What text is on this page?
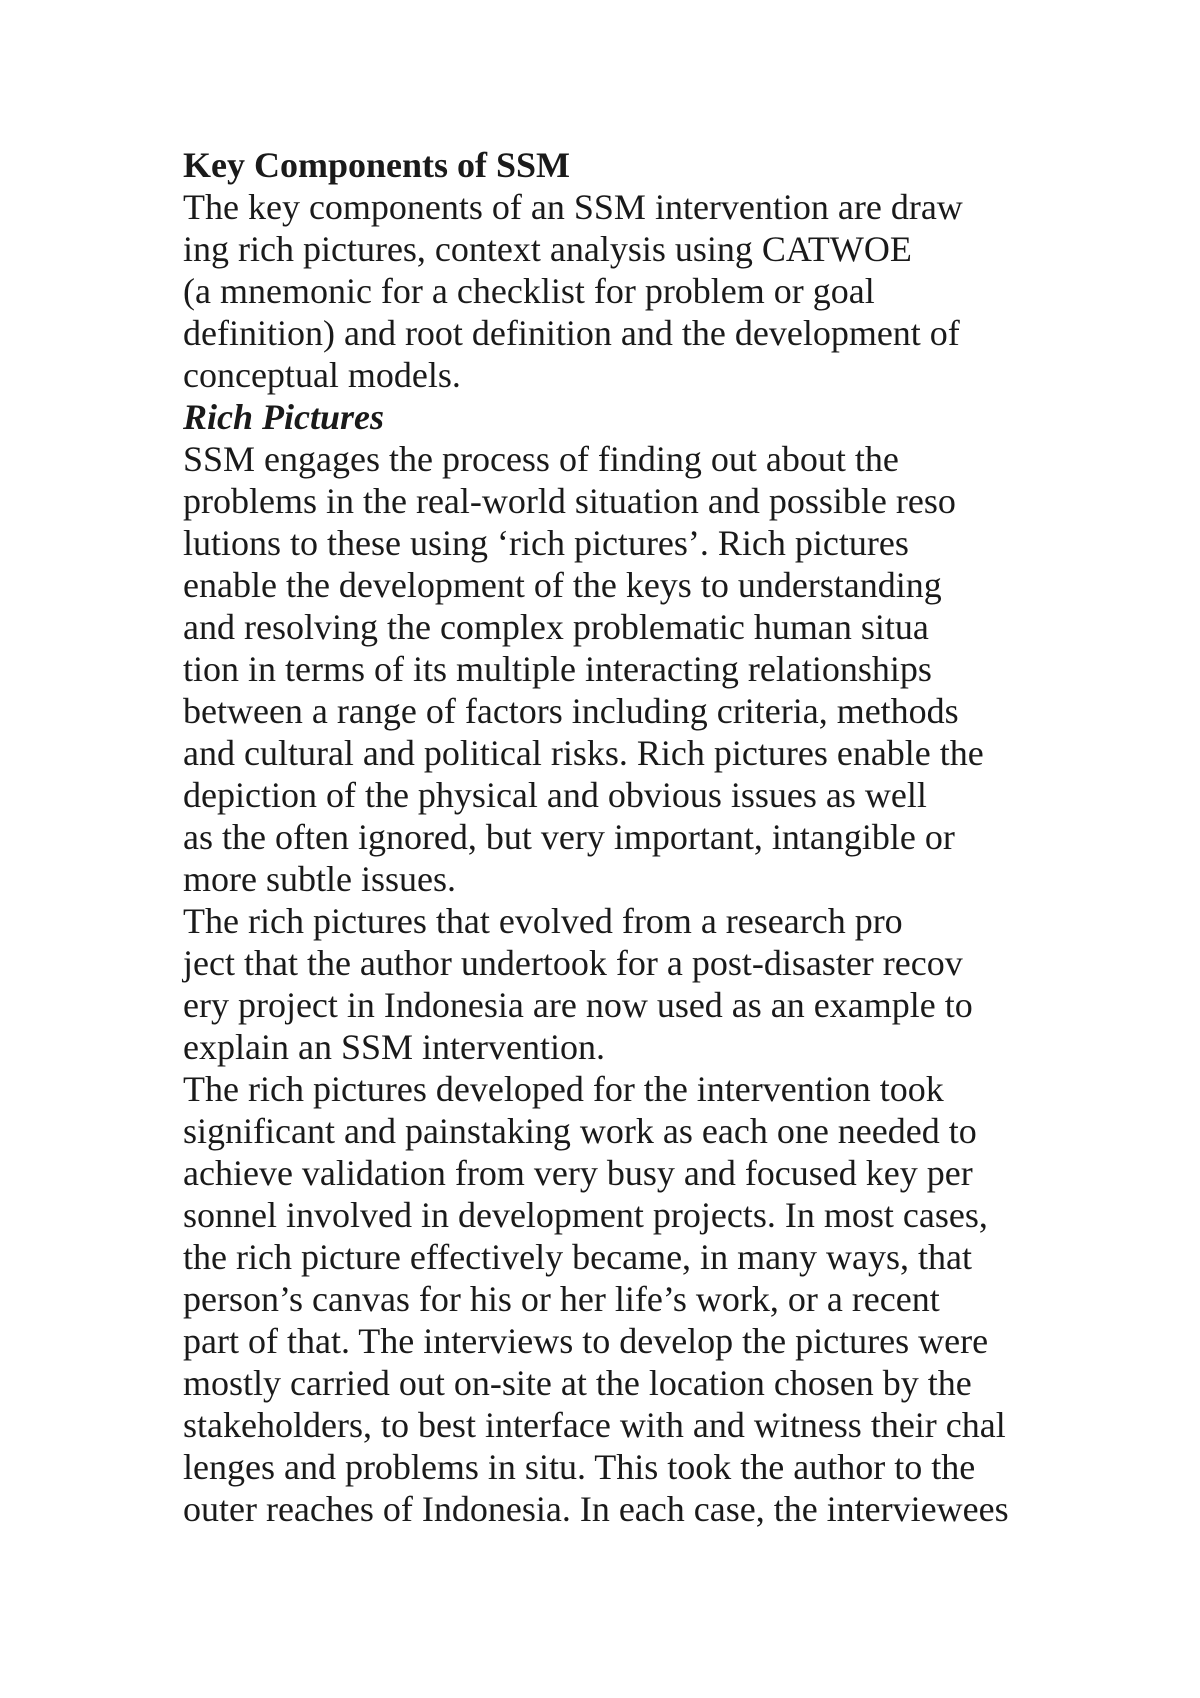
Key Components of SSM
The key components of an SSM intervention are draw
ing rich pictures, context analysis using CATWOE
(a mnemonic for a checklist for problem or goal
definition) and root definition and the development of
conceptual models.
Rich Pictures
SSM engages the process of finding out about the
problems in the real-world situation and possible reso
lutions to these using ‘rich pictures’. Rich pictures
enable the development of the keys to understanding
and resolving the complex problematic human situa
tion in terms of its multiple interacting relationships
between a range of factors including criteria, methods
and cultural and political risks. Rich pictures enable the
depiction of the physical and obvious issues as well
as the often ignored, but very important, intangible or
more subtle issues.
The rich pictures that evolved from a research pro
ject that the author undertook for a post-disaster recov
ery project in Indonesia are now used as an example to
explain an SSM intervention.
The rich pictures developed for the intervention took
significant and painstaking work as each one needed to
achieve validation from very busy and focused key per
sonnel involved in development projects. In most cases,
the rich picture effectively became, in many ways, that
person’s canvas for his or her life’s work, or a recent
part of that. The interviews to develop the pictures were
mostly carried out on-site at the location chosen by the
stakeholders, to best interface with and witness their chal
lenges and problems in situ. This took the author to the
outer reaches of Indonesia. In each case, the interviewees
